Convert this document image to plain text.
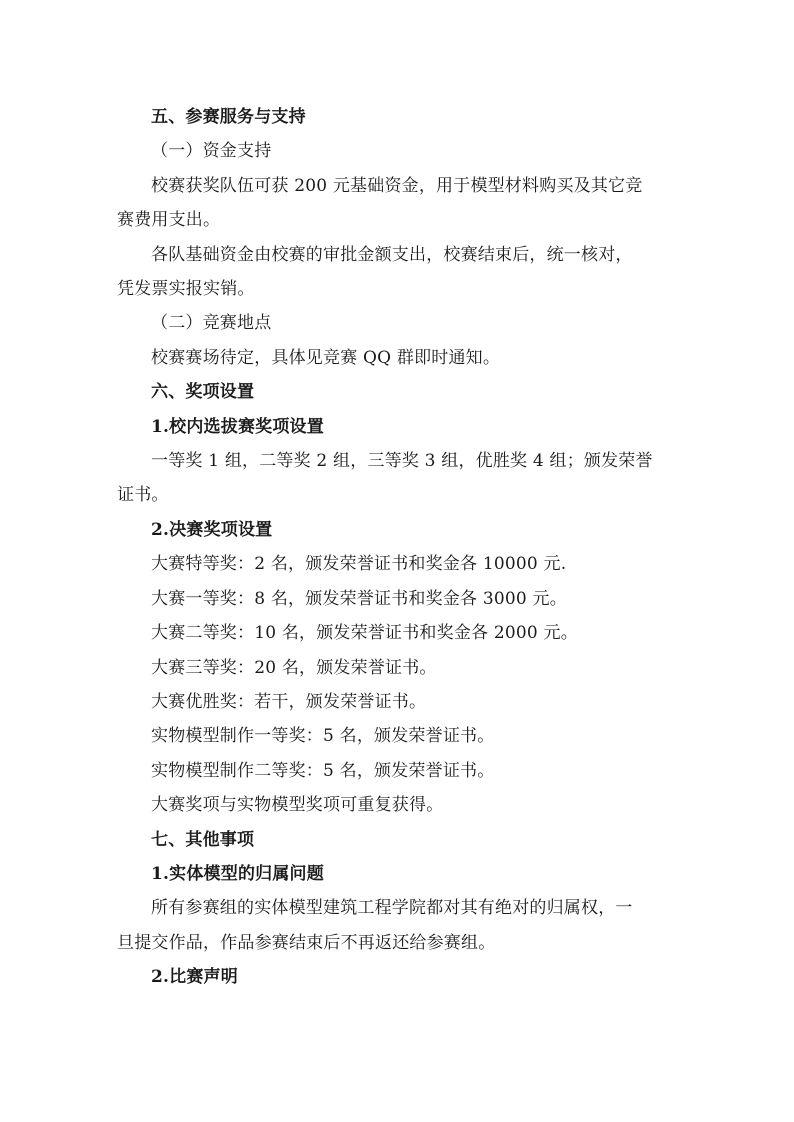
五、参赛服务与支持
（一）资金支持
校赛获奖队伍可获 200 元基础资金，用于模型材料购买及其它竞
赛费用支出。
各队基础资金由校赛的审批金额支出，校赛结束后，统一核对，
凭发票实报实销。
（二）竞赛地点
校赛赛场待定，具体见竞赛 QQ 群即时通知。
六、奖项设置
1.校内选拔赛奖项设置
一等奖 1 组，二等奖 2 组，三等奖 3 组，优胜奖 4 组；颁发荣誉
证书。
2.决赛奖项设置
大赛特等奖：2 名，颁发荣誉证书和奖金各 10000 元.
大赛一等奖：8 名，颁发荣誉证书和奖金各 3000 元。
大赛二等奖：10 名，颁发荣誉证书和奖金各 2000 元。
大赛三等奖：20 名，颁发荣誉证书。
大赛优胜奖：若干，颁发荣誉证书。
实物模型制作一等奖：5 名，颁发荣誉证书。
实物模型制作二等奖：5 名，颁发荣誉证书。
大赛奖项与实物模型奖项可重复获得。
七、其他事项
1.实体模型的归属问题
所有参赛组的实体模型建筑工程学院都对其有绝对的归属权，一
旦提交作品，作品参赛结束后不再返还给参赛组。
2.比赛声明
